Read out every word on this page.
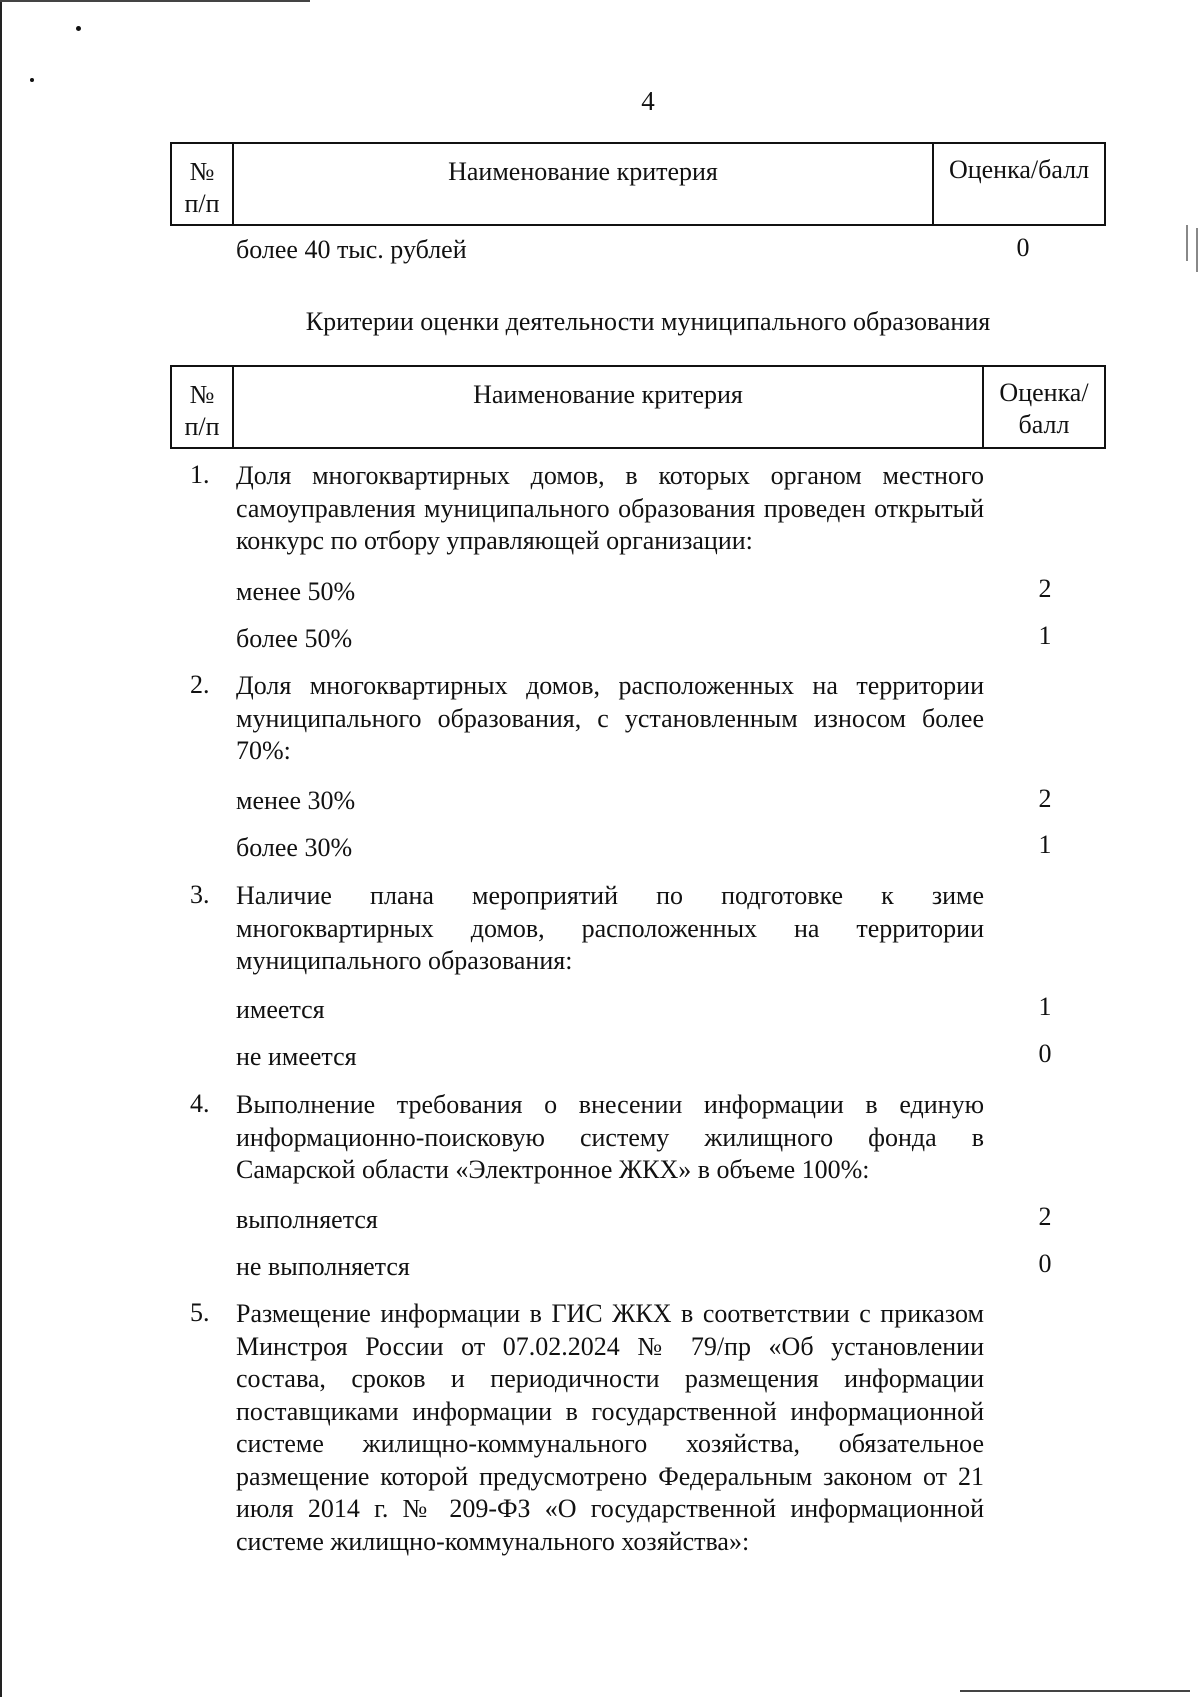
4
№
п/п
	Наименование критерия	Оценка/балл
более 40 тыс. рублей	0
Критерии оценки деятельности муниципального образования
№
п/п
	Наименование критерия	Оценка/
балл
1. Доля многоквартирных домов, в которых органом местного самоуправления муниципального образования проведен открытый конкурс по отбору управляющей организации:
менее 50%	2
более 50%	1
2. Доля многоквартирных домов, расположенных на территории муниципального образования, с установленным износом более 70%:
менее 30%	2
более 30%	1
3. Наличие плана мероприятий по подготовке к зиме многоквартирных домов, расположенных на территории муниципального образования:
имеется	1
не имеется	0
4. Выполнение требования о внесении информации в единую информационно-поисковую систему жилищного фонда в Самарской области «Электронное ЖКХ» в объеме 100%:
выполняется	2
не выполняется	0
5. Размещение информации в ГИС ЖКХ в соответствии с приказом Минстроя России от 07.02.2024 № 79/пр «Об установлении состава, сроков и периодичности размещения информации поставщиками информации в государственной информационной системе жилищно-коммунального хозяйства, обязательное размещение которой предусмотрено Федеральным законом от 21 июля 2014 г. № 209-ФЗ «О государственной информационной системе жилищно-коммунального хозяйства»:
